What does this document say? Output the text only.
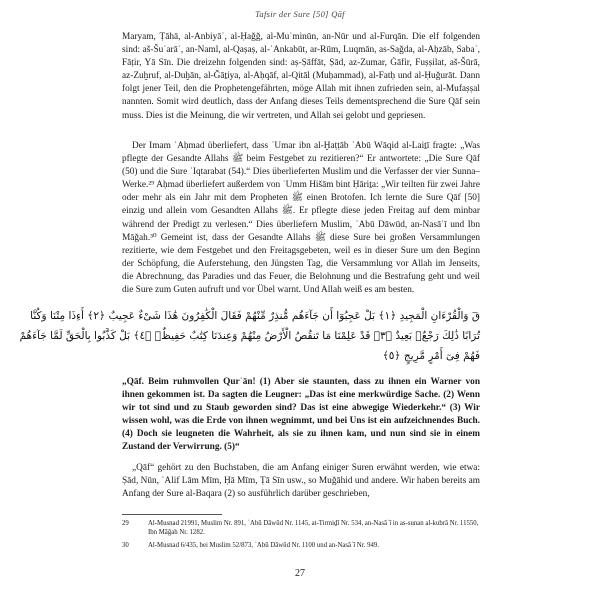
Tafsir der Sure [50] Qāf

Maryam, Ṭāhā, al-Anbiyāʾ, al-Ḥaǧǧ, al-Muʾminūn, an-Nūr und al-Furqān. Die elf folgenden sind: aš-Šuʿarāʾ, an-Naml, al-Qaṣaṣ, al-ʿAnkabūt, ar-Rūm, Luqmān, as-Saǧda, al-Aḥzāb, Sabaʾ, Fāṭir, Yā Sīn. Die dreizehn folgenden sind: aṣ-Ṣāffāt, Ṣād, az-Zumar, Ġāfir, Fuṣṣilat, aš-Šūrā, az-Zuḫruf, al-Duḫān, al-Ǧāṯiya, al-Aḥqāf, al-Qitāl (Muḥammad), al-Fatḥ und al-Ḥuǧurāt. Dann folgt jener Teil, den die Prophetengefährten, möge Allah mit ihnen zufrieden sein, al-Mufaṣṣal nannten. Somit wird deutlich, dass der Anfang dieses Teils dementsprechend die Sure Qāf sein muss. Dies ist die Meinung, die wir vertreten, und Allah sei gelobt und gepriesen.

Der Imam ʾAḥmad überliefert, dass ʿUmar ibn al-Ḫaṭṭāb ʾAbū Wāqid al-Laiṯī fragte: „Was pflegte der Gesandte Allahs ﷺ beim Festgebet zu rezitieren?“ Er antwortete: „Die Sure Qāf (50) und die Sure ʾIqtarabat (54).“ Dies überlieferten Muslim und die Verfasser der vier Sunna–Werke.²⁹ Aḥmad überliefert außerdem von ʾUmm Hišām bint Ḥāriṯa: „Wir teilten für zwei Jahre oder mehr als ein Jahr mit dem Propheten ﷺ einen Brotofen. Ich lernte die Sure Qāf [50] einzig und allein vom Gesandten Allahs ﷺ. Er pflegte diese jeden Freitag auf dem minbar während der Predigt zu verlesen.“ Dies überliefern Muslim, ʾAbū Dāwūd, an-Nasāʾī und Ibn Māǧah.³⁰ Gemeint ist, dass der Gesandte Allahs ﷺ diese Sure bei großen Versammlungen rezitierte, wie dem Festgebet und den Freitagsgebeten, weil es in dieser Sure um den Beginn der Schöpfung, die Auferstehung, den Jüngsten Tag, die Versammlung vor Allah im Jenseits, die Abrechnung, das Paradies und das Feuer, die Belohnung und die Bestrafung geht und weil die Sure zum Guten aufruft und vor Übel warnt. Und Allah weiß es am besten.

قٓ وَالْقُرْءَانِ الْمَجِيدِ ﴿١﴾ بَلْ عَجِبُوٓا أَن جَآءَهُم مُّنذِرٌ مِّنْهُمْ فَقَالَ الْكَٰفِرُونَ هَٰذَا شَىْءٌ عَجِيبٌ ﴿٢﴾ أَءِذَا مِتْنَا وَكُنَّا
تُرَابًا ذَٰلِكَ رَجْعٌۢ بَعِيدٌ ﴿٣﴾ قَدْ عَلِمْنَا مَا تَنقُصُ الْأَرْضُ مِنْهُمْ وَعِندَنَا كِتَٰبٌ حَفِيظٌۢ ﴿٤﴾ بَلْ كَذَّبُوا بِالْحَقِّ لَمَّا جَآءَهُمْ
فَهُمْ فِىٓ أَمْرٍ مَّرِيجٍ ﴿٥﴾
„Qāf. Beim ruhmvollen Qurʾān! (1) Aber sie staunten, dass zu ihnen ein Warner von ihnen gekommen ist. Da sagten die Leugner: „Das ist eine merkwürdige Sache. (2) Wenn wir tot sind und zu Staub geworden sind? Das ist eine abwegige Wiederkehr.“ (3) Wir wissen wohl, was die Erde von ihnen wegnimmt, und bei Uns ist ein aufzeichnendes Buch. (4) Doch sie leugneten die Wahrheit, als sie zu ihnen kam, und nun sind sie in einem Zustand der Verwirrung. (5)“

„Qāf“ gehört zu den Buchstaben, die am Anfang einiger Suren erwähnt werden, wie etwa: Ṣād, Nūn, ʾAlif Lām Mīm, Ḥā Mīm, Ṭā Sīn usw., so Muǧāhid und andere. Wir haben bereits am Anfang der Sure al-Baqara (2) so ausführlich darüber geschrieben,

29	Al-Musnad 21991, Muslim Nr. 891, ʾAbū Dāwūd Nr. 1145, at-Tirmiḏī Nr. 534, an-Nasāʾī in as-sunan al-kubrā Nr. 11550, Ibn Māǧah Nr. 1282.
30	Al-Musnad 6/435, bei Muslim 52/873, ʾAbū Dāwūd Nr. 1100 und an-Nasāʾī Nr. 949.
27
